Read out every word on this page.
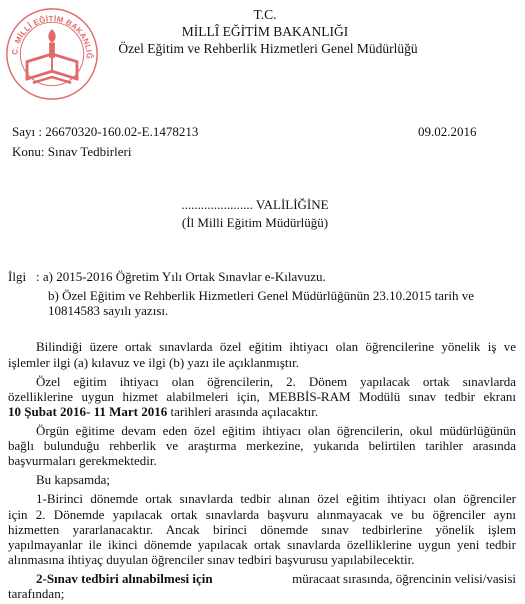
C. MİLLÎ EĞİTİM BAKANLIĞ
T.C.
MİLLÎ EĞİTİM BAKANLIĞI
Özel Eğitim ve Rehberlik Hizmetleri Genel Müdürlüğü
Sayı : 26670320-160.02-E.1478213	09.02.2016
Konu: Sınav Tedbirleri
...................... VALİLİĞİNE
(İl Milli Eğitim Müdürlüğü)
İlgi : a) 2015-2016 Öğretim Yılı Ortak Sınavlar e-Kılavuzu.
b) Özel Eğitim ve Rehberlik Hizmetleri Genel Müdürlüğünün 23.10.2015 tarih ve
10814583 sayılı yazısı.
Bilindiği üzere ortak sınavlarda özel eğitim ihtiyacı olan öğrencilerine yönelik iş ve
işlemler ilgi (a) kılavuz ve ilgi (b) yazı ile açıklanmıştır.
Özel eğitim ihtiyacı olan öğrencilerin, 2. Dönem yapılacak ortak sınavlarda
özelliklerine uygun hizmet alabilmeleri için, MEBBİS-RAM Modülü sınav tedbir ekranı
10 Şubat 2016- 11 Mart 2016 tarihleri arasında açılacaktır.
Örgün eğitime devam eden özel eğitim ihtiyacı olan öğrencilerin, okul müdürlüğünün
bağlı bulunduğu rehberlik ve araştırma merkezine, yukarıda belirtilen tarihler arasında
başvurmaları gerekmektedir.
Bu kapsamda;
1-Birinci dönemde ortak sınavlarda tedbir alınan özel eğitim ihtiyacı olan öğrenciler
için 2. Dönemde yapılacak ortak sınavlarda başvuru alınmayacak ve bu öğrenciler aynı
hizmetten yararlanacaktır. Ancak birinci dönemde sınav tedbirlerine yönelik işlem
yapılmayanlar ile ikinci dönemde yapılacak ortak sınavlarda özelliklerine uygun yeni tedbir
alınmasına ihtiyaç duyulan öğrenciler sınav tedbiri başvurusu yapılabilecektir.
2-Sınav tedbiri alınabilmesi için	müracaat sırasında, öğrencinin velisi/vasisi
tarafından;
